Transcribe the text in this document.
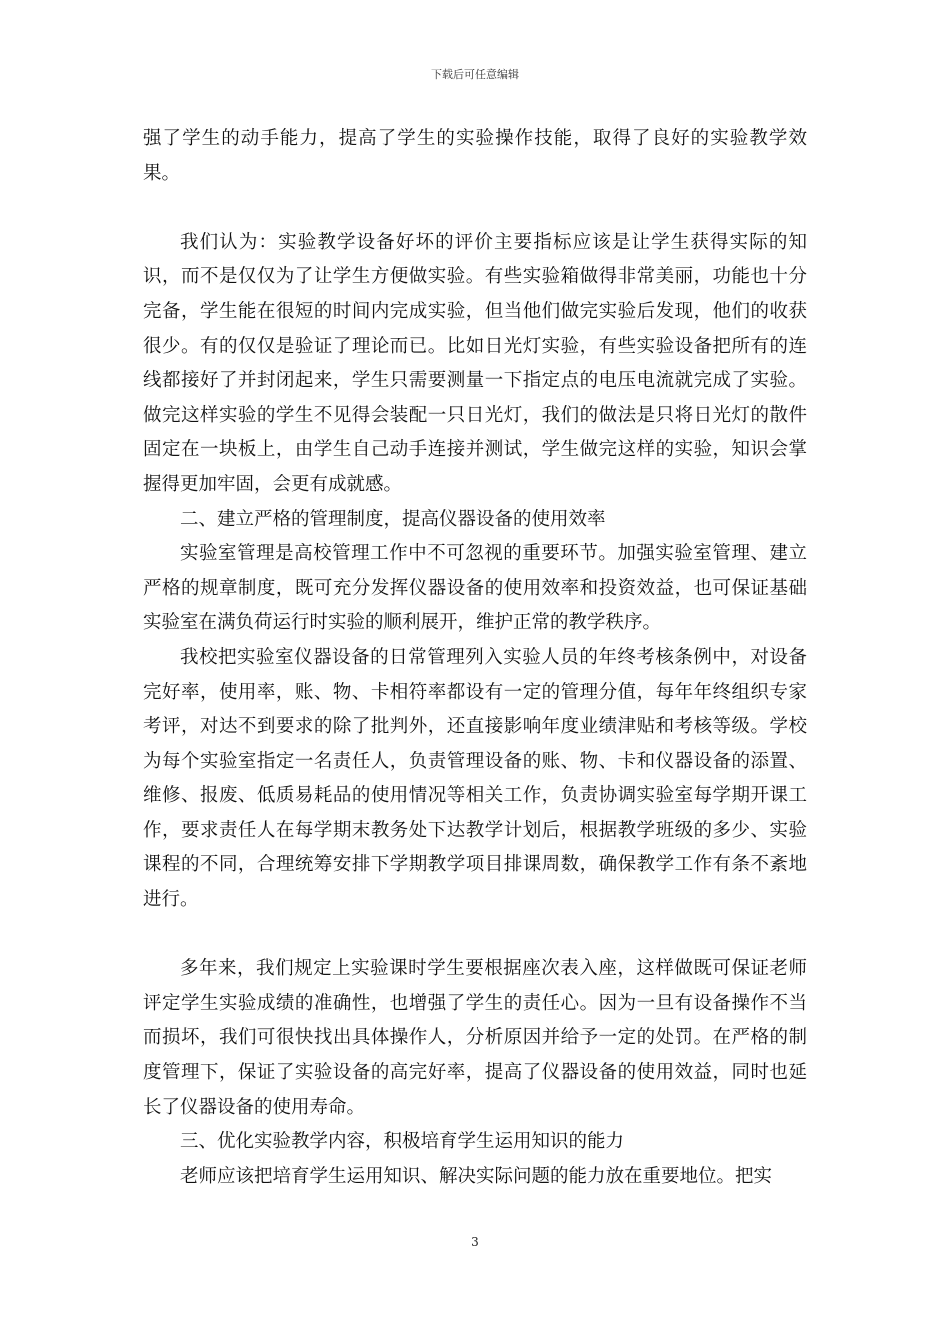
下载后可任意编辑

强了学生的动手能力，提高了学生的实验操作技能，取得了良好的实验教学效果。

我们认为：实验教学设备好坏的评价主要指标应该是让学生获得实际的知识，而不是仅仅为了让学生方便做实验。有些实验箱做得非常美丽，功能也十分完备，学生能在很短的时间内完成实验，但当他们做完实验后发现，他们的收获很少。有的仅仅是验证了理论而已。比如日光灯实验，有些实验设备把所有的连线都接好了并封闭起来，学生只需要测量一下指定点的电压电流就完成了实验。做完这样实验的学生不见得会装配一只日光灯，我们的做法是只将日光灯的散件固定在一块板上，由学生自己动手连接并测试，学生做完这样的实验，知识会掌握得更加牢固，会更有成就感。

二、建立严格的管理制度，提高仪器设备的使用效率

实验室管理是高校管理工作中不可忽视的重要环节。加强实验室管理、建立严格的规章制度，既可充分发挥仪器设备的使用效率和投资效益，也可保证基础实验室在满负荷运行时实验的顺利展开，维护正常的教学秩序。

我校把实验室仪器设备的日常管理列入实验人员的年终考核条例中，对设备完好率，使用率，账、物、卡相符率都设有一定的管理分值，每年年终组织专家考评，对达不到要求的除了批判外，还直接影响年度业绩津贴和考核等级。学校为每个实验室指定一名责任人，负责管理设备的账、物、卡和仪器设备的添置、维修、报废、低质易耗品的使用情况等相关工作，负责协调实验室每学期开课工作，要求责任人在每学期末教务处下达教学计划后，根据教学班级的多少、实验课程的不同，合理统筹安排下学期教学项目排课周数，确保教学工作有条不紊地进行。

多年来，我们规定上实验课时学生要根据座次表入座，这样做既可保证老师评定学生实验成绩的准确性，也增强了学生的责任心。因为一旦有设备操作不当而损坏，我们可很快找出具体操作人，分析原因并给予一定的处罚。在严格的制度管理下，保证了实验设备的高完好率，提高了仪器设备的使用效益，同时也延长了仪器设备的使用寿命。

三、优化实验教学内容，积极培育学生运用知识的能力

老师应该把培育学生运用知识、解决实际问题的能力放在重要地位。把实

3
